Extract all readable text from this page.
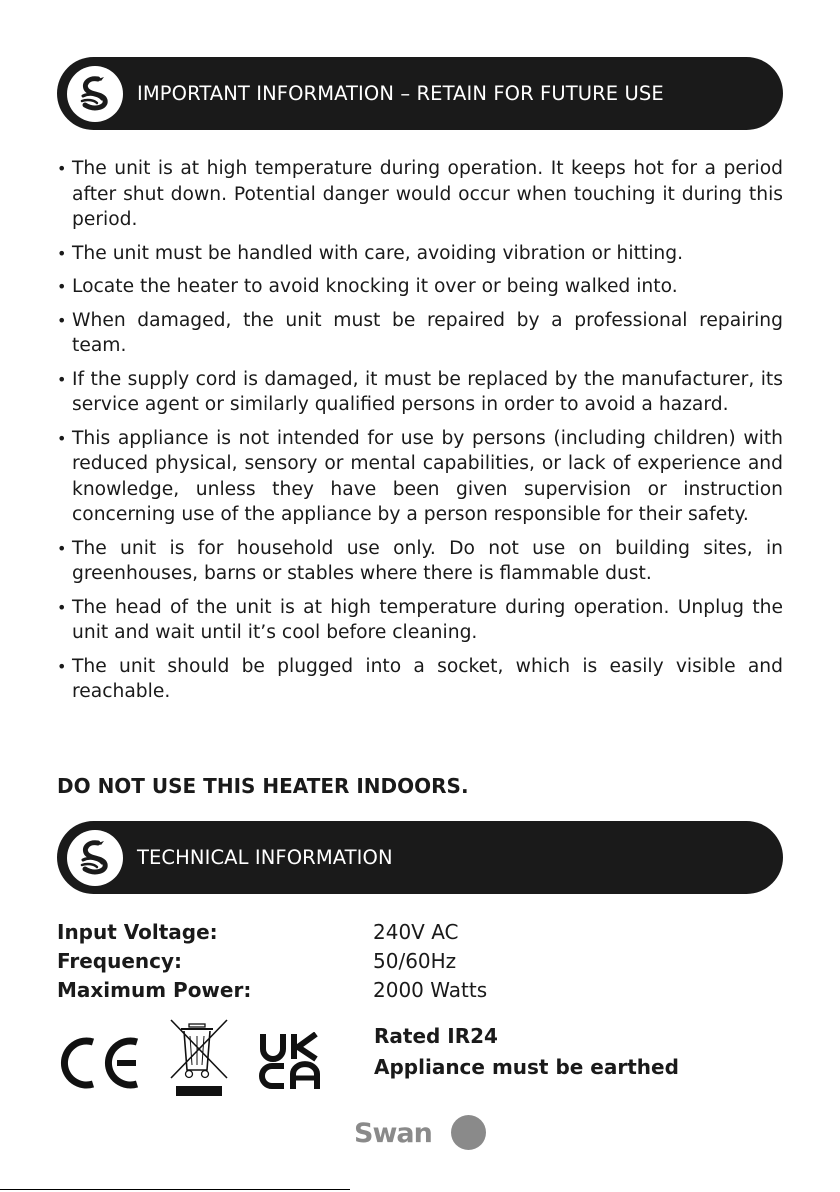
IMPORTANT INFORMATION – RETAIN FOR FUTURE USE
• The unit is at high temperature during operation. It keeps hot for a period after shut down. Potential danger would occur when touching it during this period.
• The unit must be handled with care, avoiding vibration or hitting.
• Locate the heater to avoid knocking it over or being walked into.
• When damaged, the unit must be repaired by a professional repairing team.
• If the supply cord is damaged, it must be replaced by the manufacturer, its service agent or similarly qualified persons in order to avoid a hazard.
• This appliance is not intended for use by persons (including children) with reduced physical, sensory or mental capabilities, or lack of experience and knowledge, unless they have been given supervision or instruction concerning use of the appliance by a person responsible for their safety.
• The unit is for household use only. Do not use on building sites, in greenhouses, barns or stables where there is flammable dust.
• The head of the unit is at high temperature during operation. Unplug the unit and wait until it’s cool before cleaning.
• The unit should be plugged into a socket, which is easily visible and reachable.
DO NOT USE THIS HEATER INDOORS.
TECHNICAL INFORMATION
Input Voltage:	240V AC
Frequency:	50/60Hz
Maximum Power:	2000 Watts
Rated IR24
Appliance must be earthed
Swan
